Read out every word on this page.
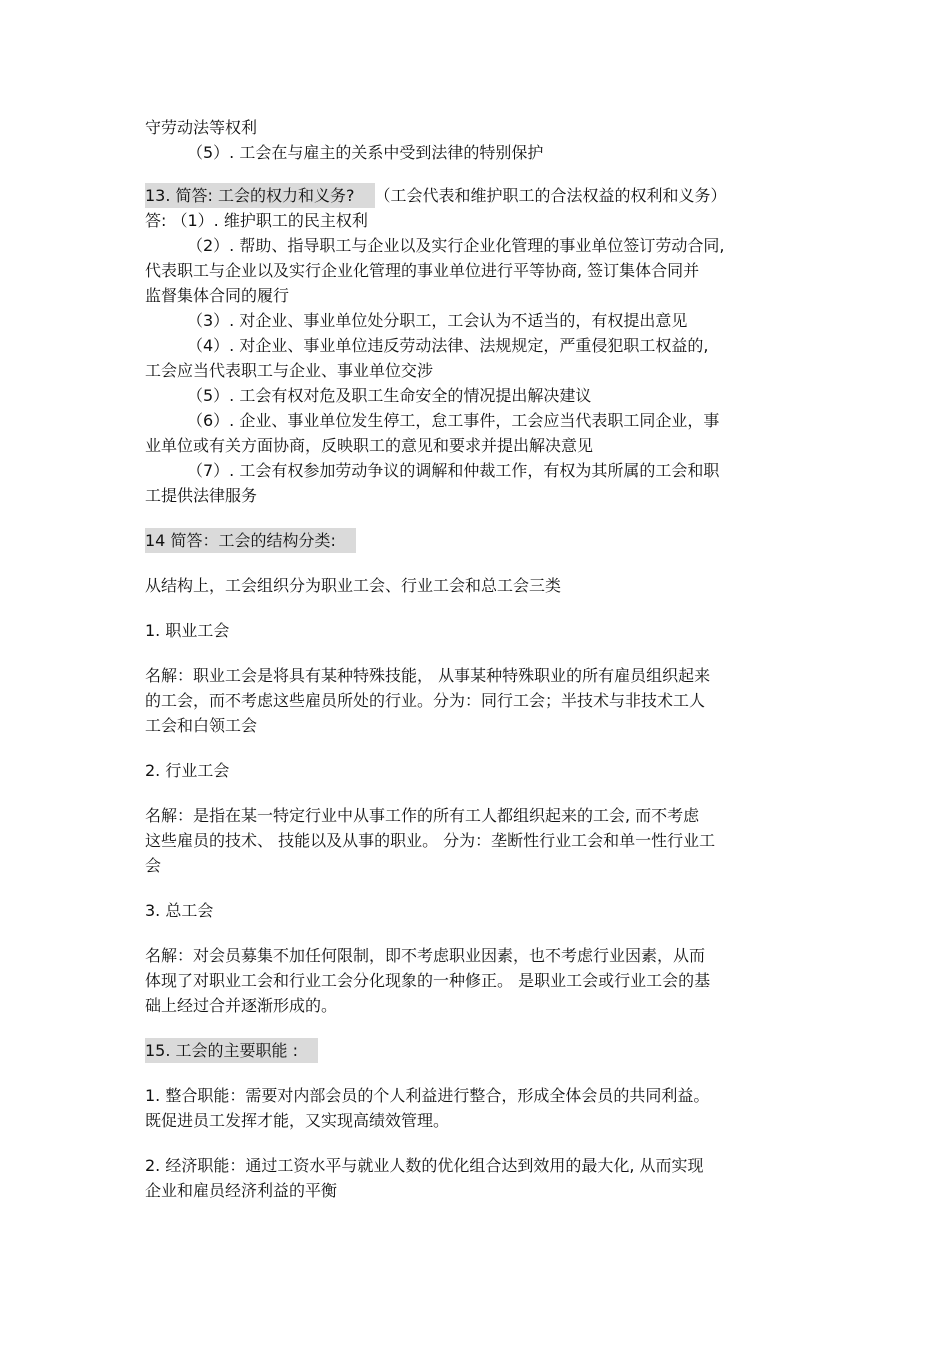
守劳动法等权利
（5）. 工会在与雇主的关系中受到法律的特别保护
13. 简答: 工会的权力和义务? （工会代表和维护职工的合法权益的权利和义务）
答: （1）. 维护职工的民主权利
（2）. 帮助、指导职工与企业以及实行企业化管理的事业单位签订劳动合同,
代表职工与企业以及实行企业化管理的事业单位进行平等协商, 签订集体合同并
监督集体合同的履行
（3）. 对企业、事业单位处分职工，工会认为不适当的，有权提出意见
（4）. 对企业、事业单位违反劳动法律、法规规定，严重侵犯职工权益的,
工会应当代表职工与企业、事业单位交涉
（5）. 工会有权对危及职工生命安全的情况提出解决建议
（6）. 企业、事业单位发生停工，怠工事件，工会应当代表职工同企业，事
业单位或有关方面协商，反映职工的意见和要求并提出解决意见
（7）. 工会有权参加劳动争议的调解和仲裁工作，有权为其所属的工会和职
工提供法律服务
14 简答：工会的结构分类:
从结构上，工会组织分为职业工会、行业工会和总工会三类
1. 职业工会
名解：职业工会是将具有某种特殊技能， 从事某种特殊职业的所有雇员组织起来
的工会，而不考虑这些雇员所处的行业。分为：同行工会；半技术与非技术工人
工会和白领工会
2. 行业工会
名解：是指在某一特定行业中从事工作的所有工人都组织起来的工会, 而不考虑
这些雇员的技术、 技能以及从事的职业。 分为：垄断性行业工会和单一性行业工
会
3. 总工会
名解：对会员募集不加任何限制，即不考虑职业因素，也不考虑行业因素，从而
体现了对职业工会和行业工会分化现象的一种修正。 是职业工会或行业工会的基
础上经过合并逐渐形成的。
15. 工会的主要职能 :
1. 整合职能：需要对内部会员的个人利益进行整合，形成全体会员的共同利益。
既促进员工发挥才能，又实现高绩效管理。
2. 经济职能：通过工资水平与就业人数的优化组合达到效用的最大化, 从而实现
企业和雇员经济利益的平衡
